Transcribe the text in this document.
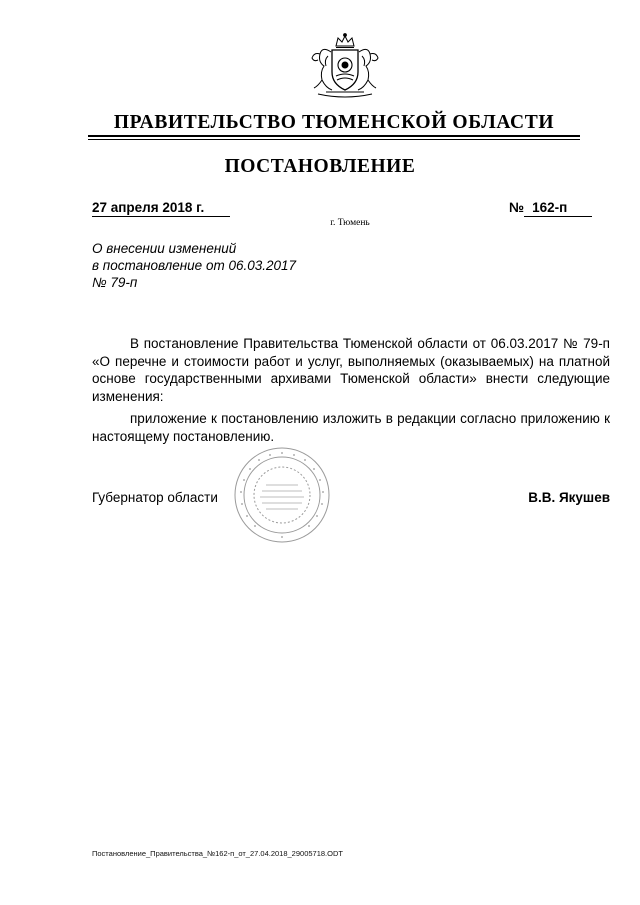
ПРАВИТЕЛЬСТВО ТЮМЕНСКОЙ ОБЛАСТИ
ПОСТАНОВЛЕНИЕ
27 апреля 2018 г.	№ 162-п
г. Тюмень
О внесении изменений
в постановление от 06.03.2017
№ 79-п

В постановление Правительства Тюменской области от 06.03.2017 № 79-п «О перечне и стоимости работ и услуг, выполняемых (оказываемых) на платной основе государственными архивами Тюменской области» внести следующие изменения:

приложение к постановлению изложить в редакции согласно приложению к настоящему постановлению.

Губернатор области	В.В. Якушев
Постановление_Правительства_№162-п_от_27.04.2018_29005718.ODT
